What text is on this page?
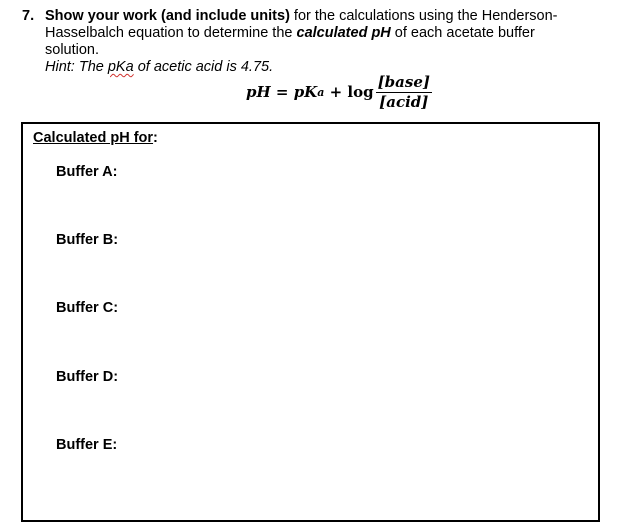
7. Show your work (and include units) for the calculations using the Henderson-Hasselbalch equation to determine the calculated pH of each acetate buffer solution.
Hint: The pKa of acetic acid is 4.75.
pH = pK $a + \log \frac{\text{[base]}}{\text{[acid]}}$
Calculated pH for:
Buffer A:
Buffer B:
Buffer C:
Buffer D:
Buffer E:
